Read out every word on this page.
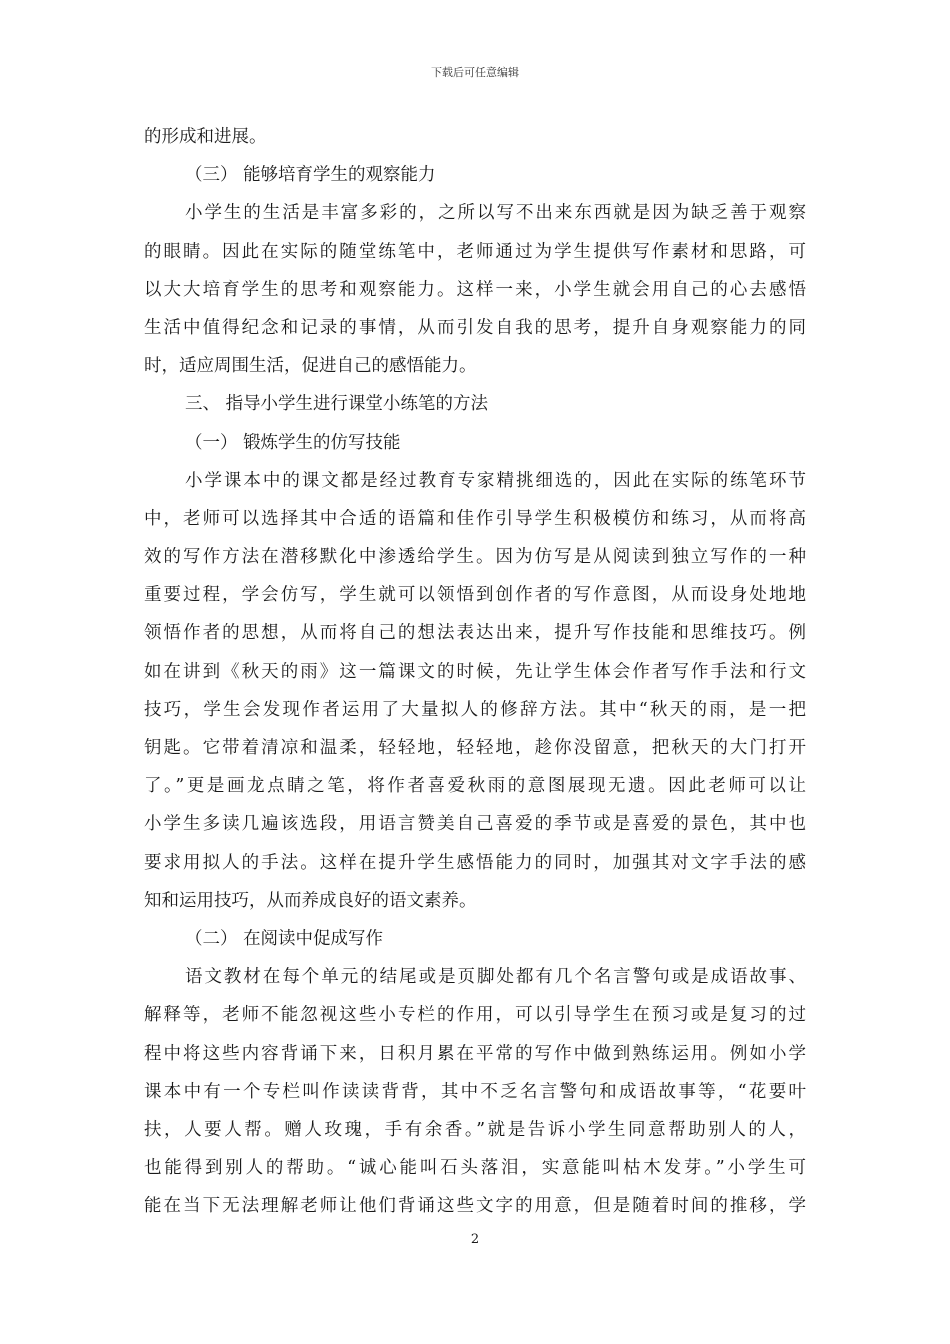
下载后可任意编辑
的形成和进展。
（三） 能够培育学生的观察能力
小学生的生活是丰富多彩的，之所以写不出来东西就是因为缺乏善于观察
的眼睛。因此在实际的随堂练笔中，老师通过为学生提供写作素材和思路，可
以大大培育学生的思考和观察能力。这样一来，小学生就会用自己的心去感悟
生活中值得纪念和记录的事情，从而引发自我的思考，提升自身观察能力的同
时，适应周围生活，促进自己的感悟能力。
三、 指导小学生进行课堂小练笔的方法
（一） 锻炼学生的仿写技能
小学课本中的课文都是经过教育专家精挑细选的，因此在实际的练笔环节
中，老师可以选择其中合适的语篇和佳作引导学生积极模仿和练习，从而将高
效的写作方法在潜移默化中渗透给学生。因为仿写是从阅读到独立写作的一种
重要过程，学会仿写，学生就可以领悟到创作者的写作意图，从而设身处地地
领悟作者的思想，从而将自己的想法表达出来，提升写作技能和思维技巧。例
如在讲到《秋天的雨》这一篇课文的时候，先让学生体会作者写作手法和行文
技巧，学生会发现作者运用了大量拟人的修辞方法。其中“秋天的雨，是一把
钥匙。它带着清凉和温柔，轻轻地，轻轻地，趁你没留意，把秋天的大门打开
了。”更是画龙点睛之笔，将作者喜爱秋雨的意图展现无遗。因此老师可以让
小学生多读几遍该选段，用语言赞美自己喜爱的季节或是喜爱的景色，其中也
要求用拟人的手法。这样在提升学生感悟能力的同时，加强其对文字手法的感
知和运用技巧，从而养成良好的语文素养。
（二） 在阅读中促成写作
语文教材在每个单元的结尾或是页脚处都有几个名言警句或是成语故事、
解释等，老师不能忽视这些小专栏的作用，可以引导学生在预习或是复习的过
程中将这些内容背诵下来，日积月累在平常的写作中做到熟练运用。例如小学
课本中有一个专栏叫作读读背背，其中不乏名言警句和成语故事等，“花要叶
扶，人要人帮。赠人玫瑰，手有余香。”就是告诉小学生同意帮助别人的人，
也能得到别人的帮助。“诚心能叫石头落泪，实意能叫枯木发芽。”小学生可
能在当下无法理解老师让他们背诵这些文字的用意，但是随着时间的推移，学
2
